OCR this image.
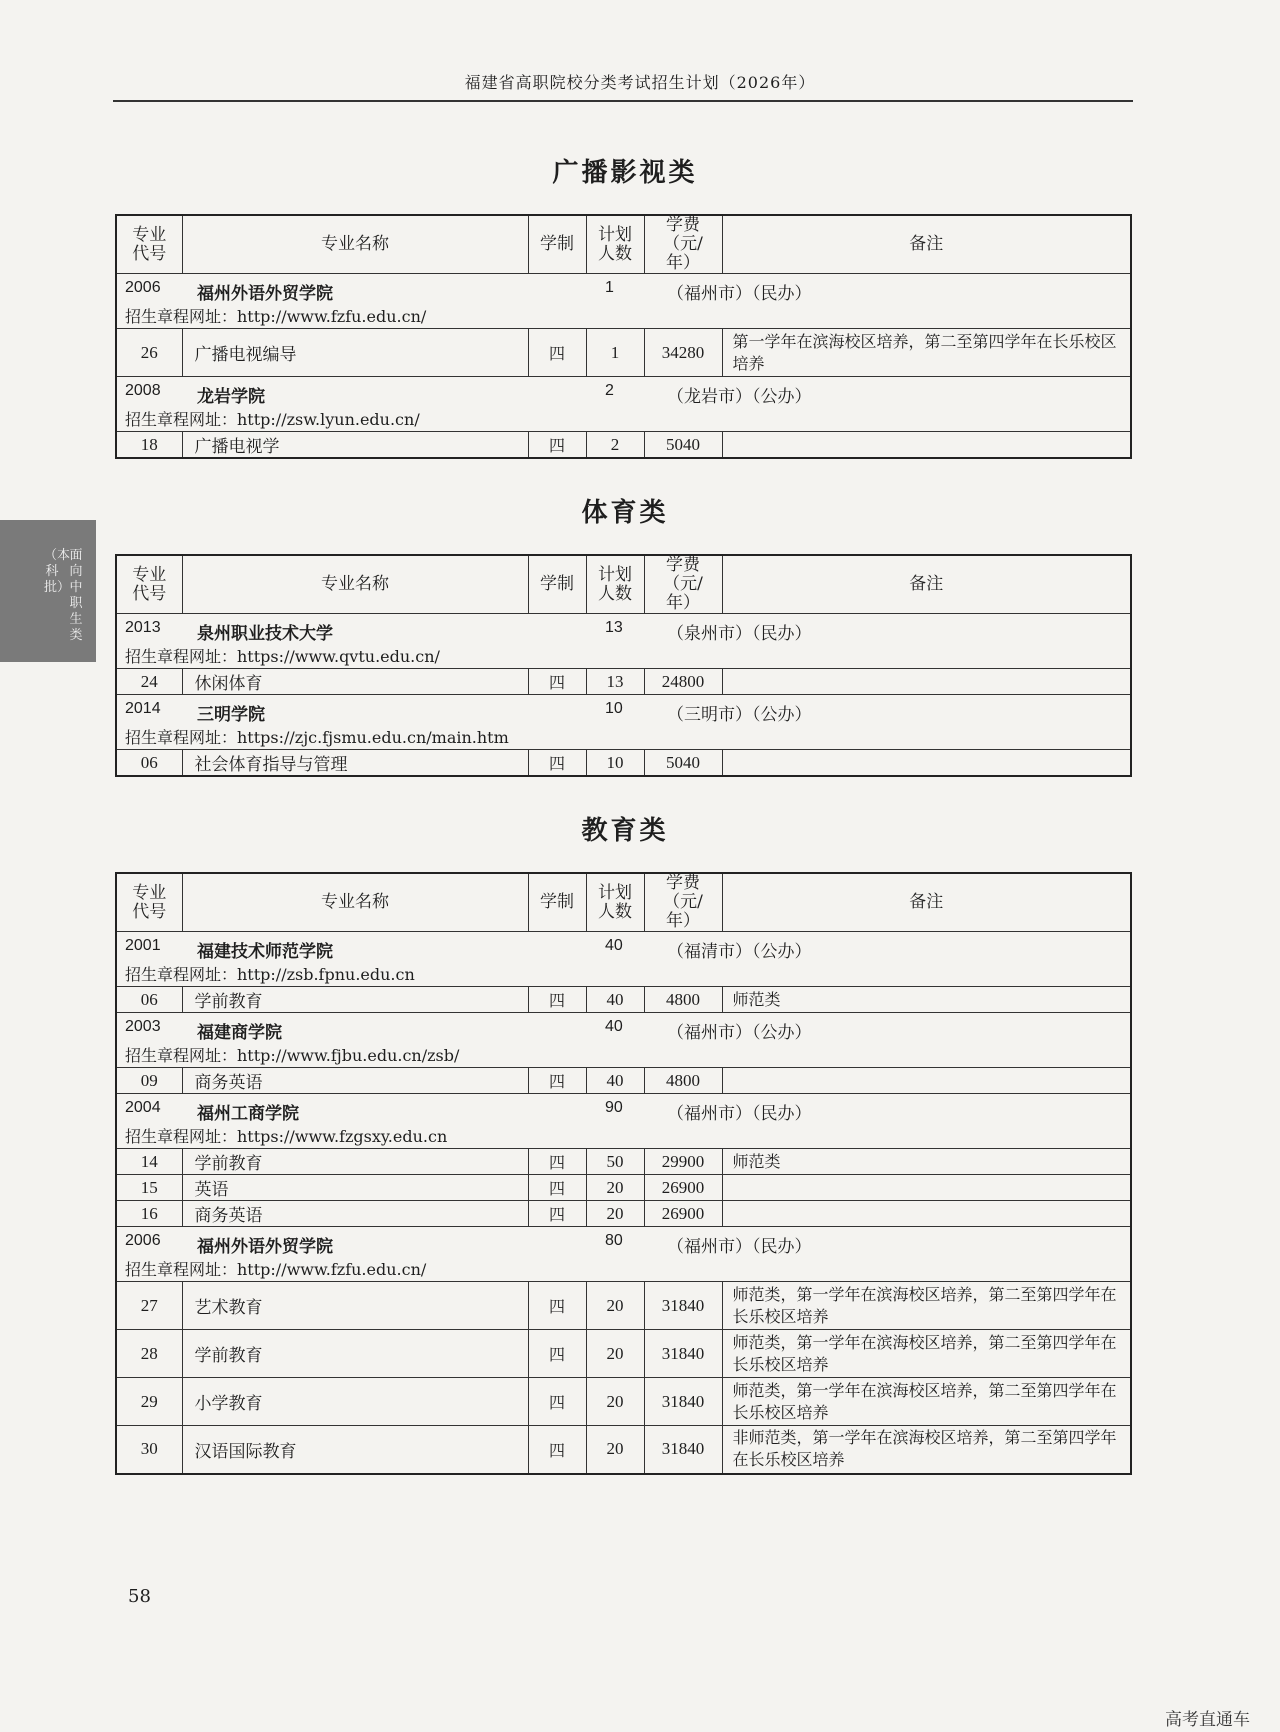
福建省高职院校分类考试招生计划（2026年）
面向中职生类
（本科批）
广播影视类
专业代号	专业名称	学制	计划人数	学费（元/年）	备注

2006 福州外语外贸学院 1 （福州市）（民办）					

招生章程网址：http://www.fzfu.edu.cn/					
26	广播电视编导	四	1	34280	第一学年在滨海校区培养，第二至第四学年在长乐校区培养

2008 龙岩学院 2 （龙岩市）（公办）					

招生章程网址：http://zsw.lyun.edu.cn/					
18	广播电视学	四	2	5040	
体育类
专业代号	专业名称	学制	计划人数	学费（元/年）	备注

2013 泉州职业技术大学 13 （泉州市）（民办）					

招生章程网址：https://www.qvtu.edu.cn/					
24	休闲体育	四	13	24800	

2014 三明学院 10 （三明市）（公办）					

招生章程网址：https://zjc.fjsmu.edu.cn/main.htm					
06	社会体育指导与管理	四	10	5040	
教育类
专业代号	专业名称	学制	计划人数	学费（元/年）	备注

2001 福建技术师范学院 40 （福清市）（公办）					

招生章程网址：http://zsb.fpnu.edu.cn					
06	学前教育	四	40	4800	师范类

2003 福建商学院 40 （福州市）（公办）					

招生章程网址：http://www.fjbu.edu.cn/zsb/					
09	商务英语	四	40	4800	

2004 福州工商学院 90 （福州市）（民办）					

招生章程网址：https://www.fzgsxy.edu.cn					
14	学前教育	四	50	29900	师范类
15	英语	四	20	26900	
16	商务英语	四	20	26900	

2006 福州外语外贸学院 80 （福州市）（民办）					

招生章程网址：http://www.fzfu.edu.cn/					
27	艺术教育	四	20	31840	师范类，第一学年在滨海校区培养，第二至第四学年在长乐校区培养
28	学前教育	四	20	31840	师范类，第一学年在滨海校区培养，第二至第四学年在长乐校区培养
29	小学教育	四	20	31840	师范类，第一学年在滨海校区培养，第二至第四学年在长乐校区培养
30	汉语国际教育	四	20	31840	非师范类，第一学年在滨海校区培养，第二至第四学年在长乐校区培养
58
高考直通车
